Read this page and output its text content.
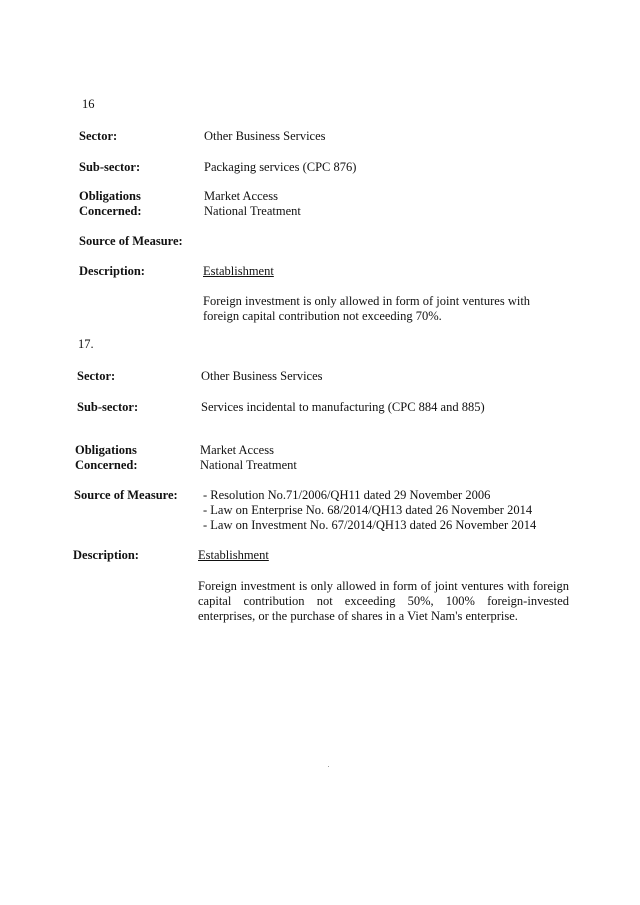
16
Sector:	Other Business Services
Sub-sector:	Packaging services (CPC 876)
Obligations
Concerned:
Market Access
National Treatment
Source of Measure:
Description:	Establishment
Foreign investment is only allowed in form of joint ventures with foreign capital contribution not exceeding 70%.
17.
Sector:	Other Business Services
Sub-sector:	Services incidental to manufacturing (CPC 884 and 885)
Obligations
Concerned:
Market Access
National Treatment
Source of Measure: - Resolution No.71/2006/QH11 dated 29 November 2006
- Law on Enterprise No. 68/2014/QH13 dated 26 November 2014
- Law on Investment No. 67/2014/QH13 dated 26 November 2014
Description:	Establishment
Foreign investment is only allowed in form of joint ventures with foreign capital contribution not exceeding 50%, 100% foreign-invested enterprises, or the purchase of shares in a Viet Nam's enterprise.
